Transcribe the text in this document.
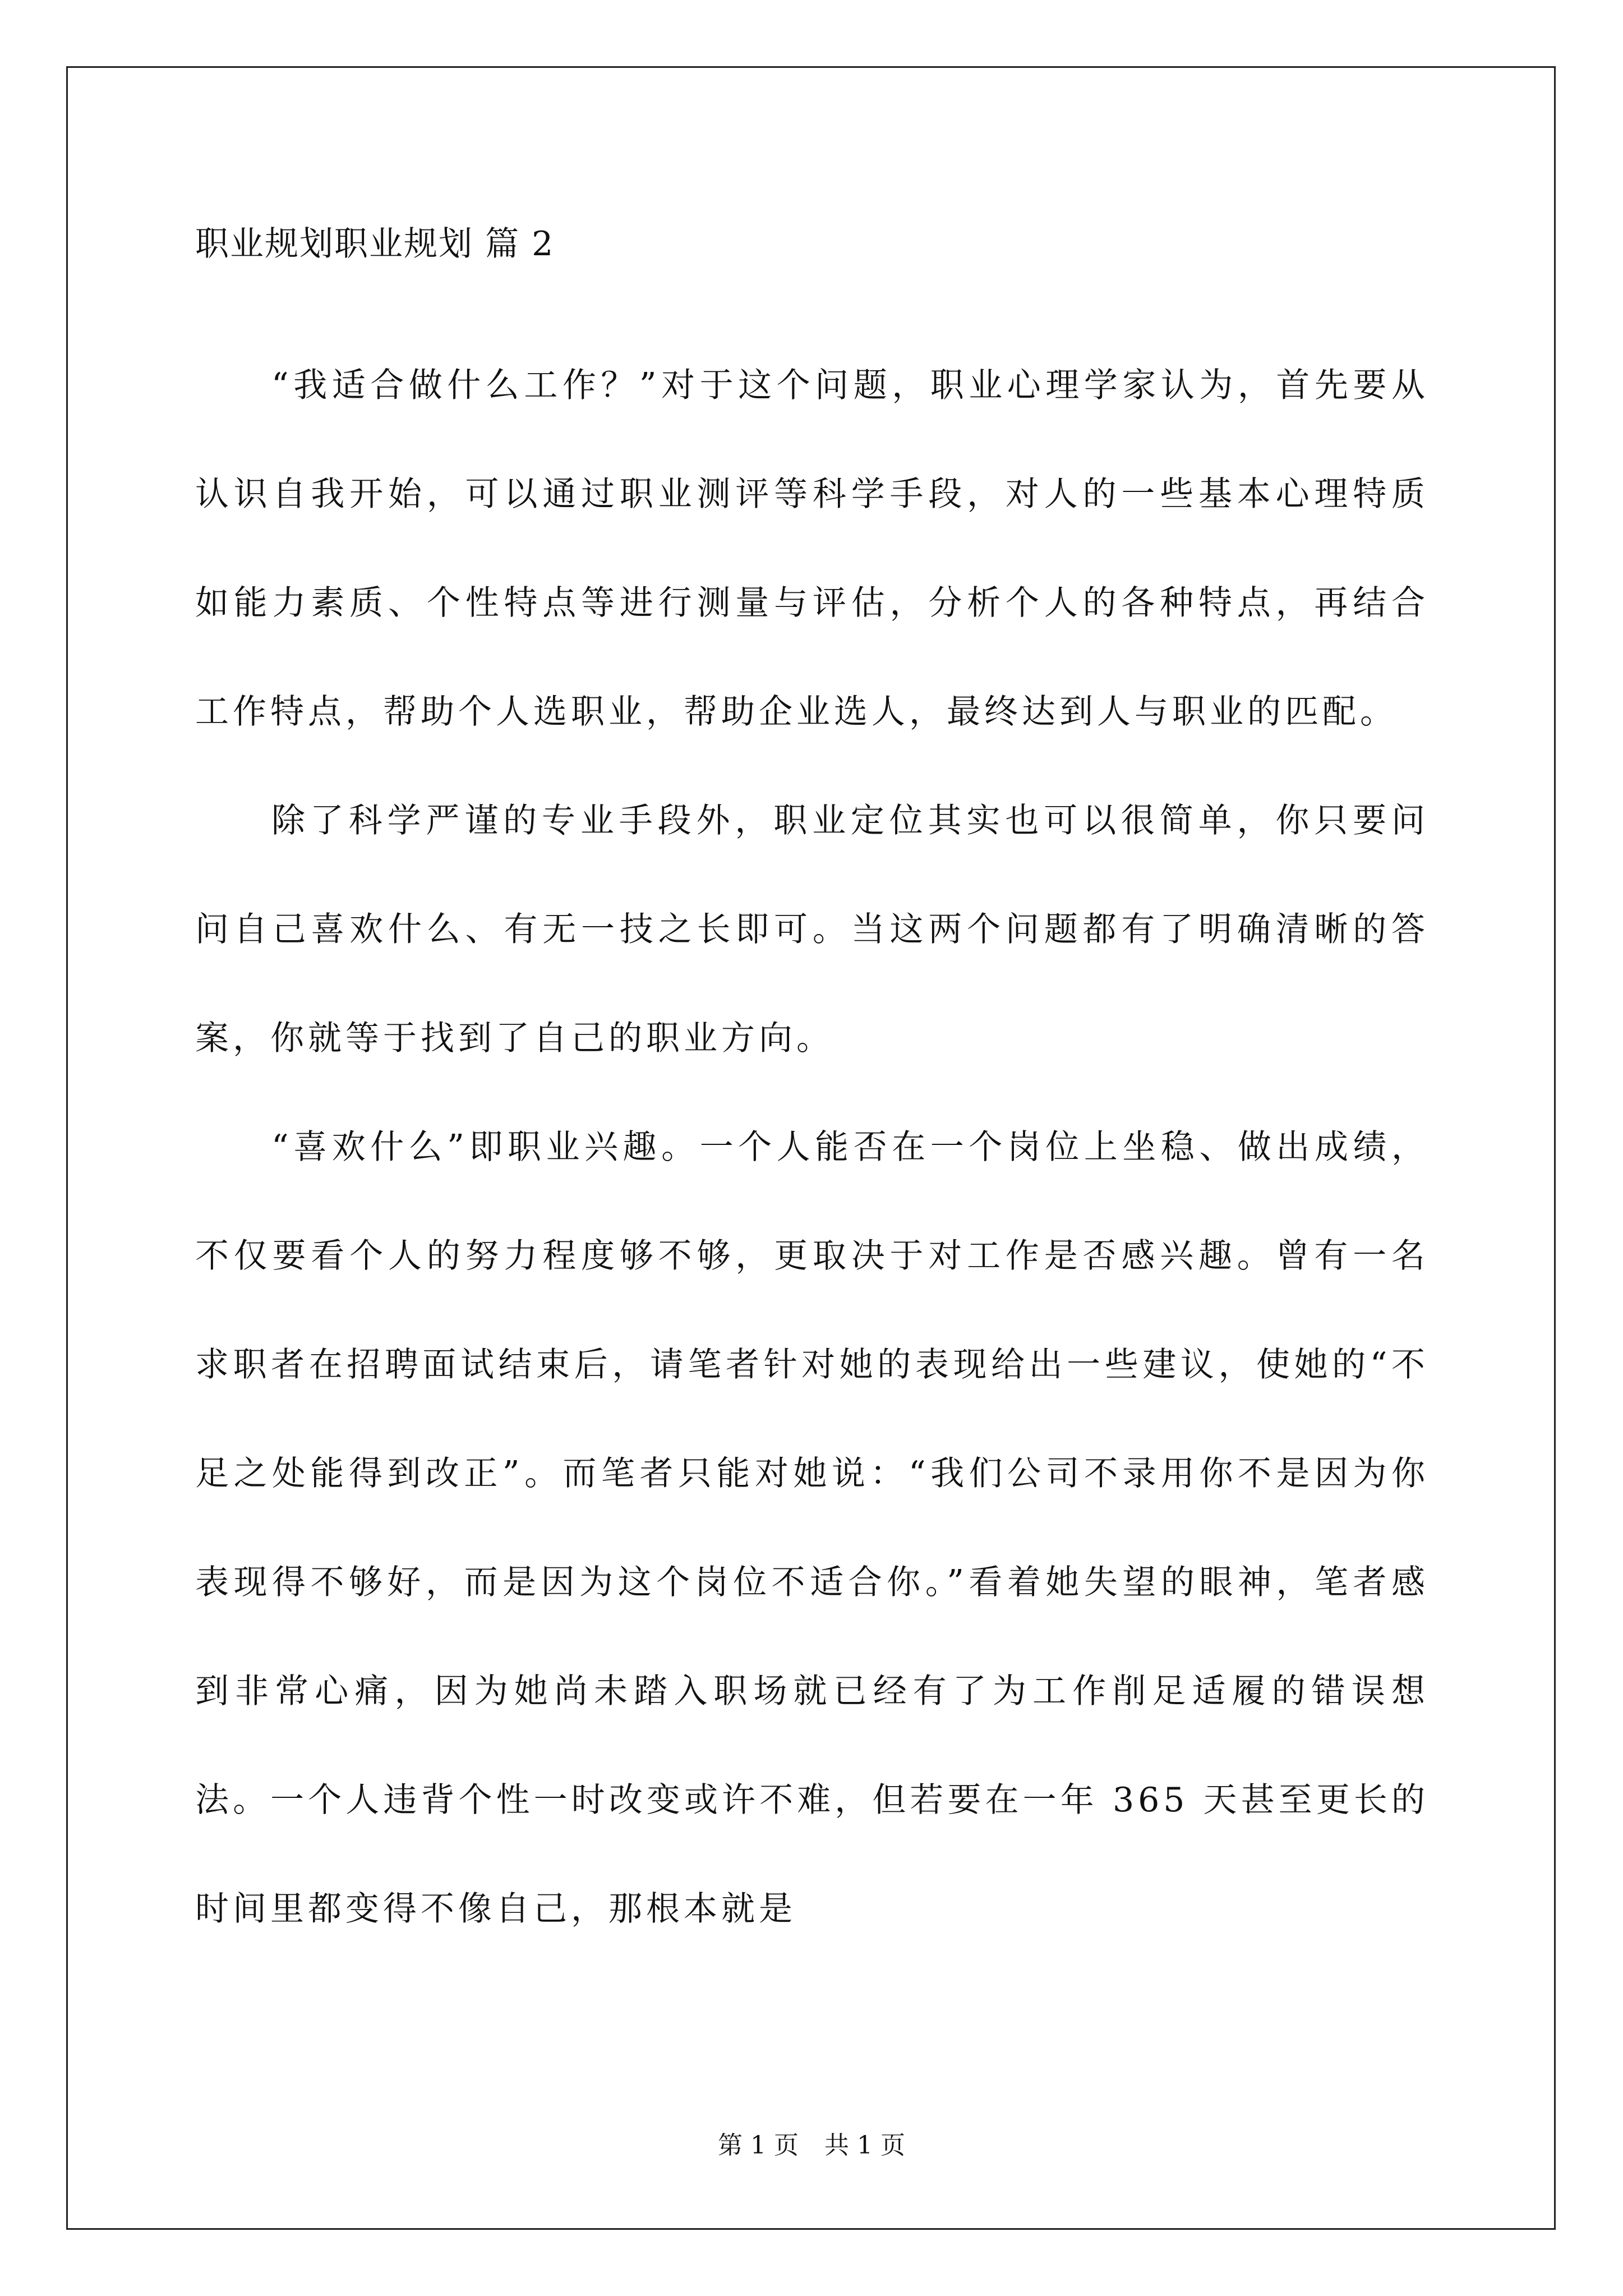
职业规划职业规划 篇 2

“我适合做什么工作？”对于这个问题，职业心理学家认为，首先要从认识自我开始，可以通过职业测评等科学手段，对人的一些基本心理特质如能力素质、个性特点等进行测量与评估，分析个人的各种特点，再结合工作特点，帮助个人选职业，帮助企业选人，最终达到人与职业的匹配。

除了科学严谨的专业手段外，职业定位其实也可以很简单，你只要问问自己喜欢什么、有无一技之长即可。当这两个问题都有了明确清晰的答案，你就等于找到了自己的职业方向。

“喜欢什么”即职业兴趣。一个人能否在一个岗位上坐稳、做出成绩，不仅要看个人的努力程度够不够，更取决于对工作是否感兴趣。曾有一名求职者在招聘面试结束后，请笔者针对她的表现给出一些建议，使她的“不足之处能得到改正”。而笔者只能对她说：“我们公司不录用你不是因为你表现得不够好，而是因为这个岗位不适合你。”看着她失望的眼神，笔者感到非常心痛，因为她尚未踏入职场就已经有了为工作削足适履的错误想法。一个人违背个性一时改变或许不难，但若要在一年 365 天甚至更长的时间里都变得不像自己，那根本就是

第 1 页 共 1 页
